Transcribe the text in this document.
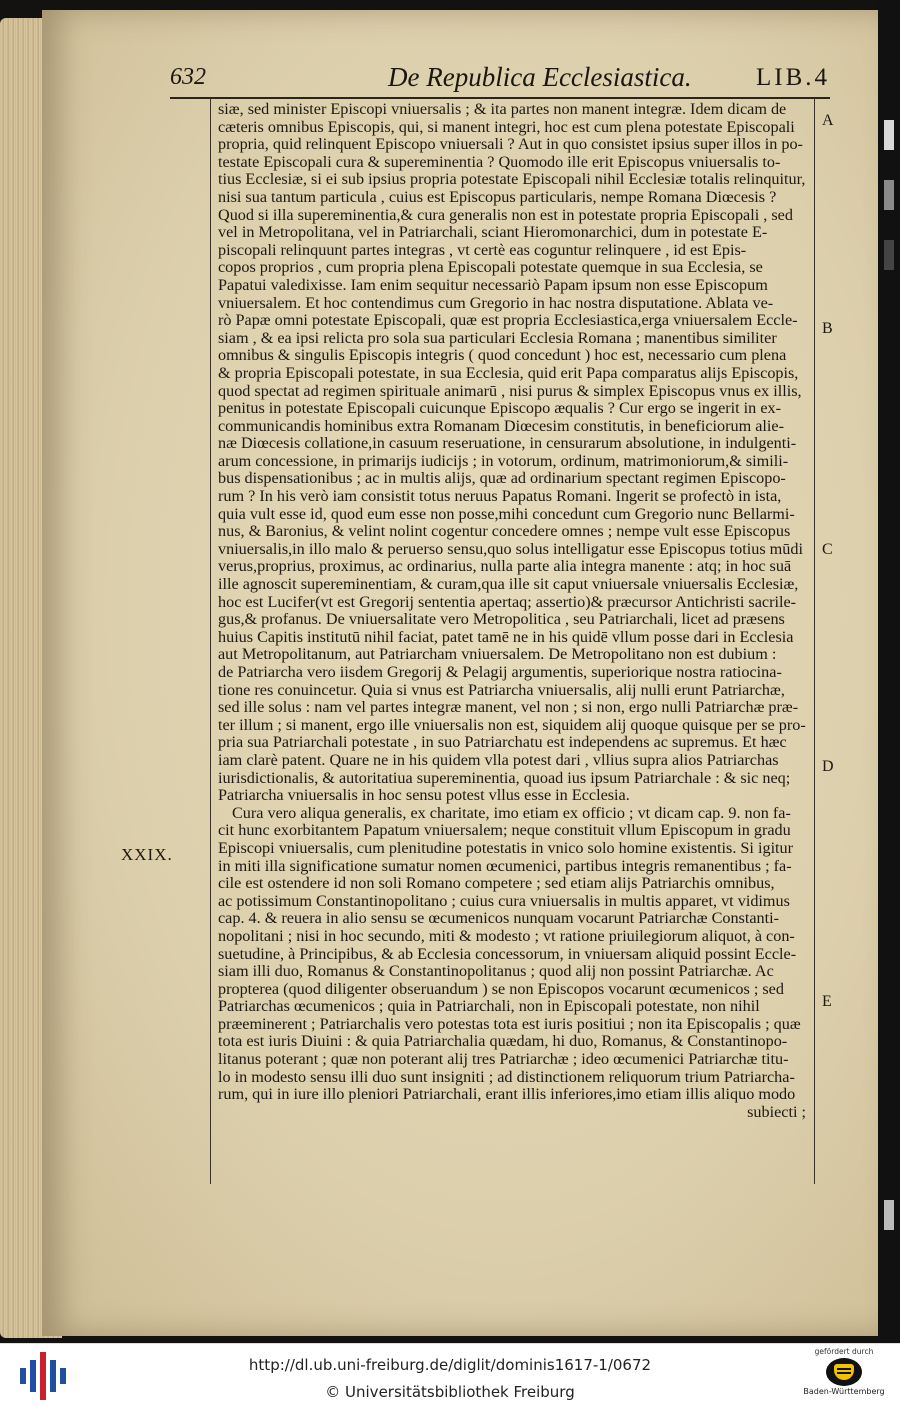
632	De Republica Ecclesiastica.	LIB.4
siæ, sed minister Episcopi vniuersalis ; & ita partes non manent integræ. Idem dicam de
cæteris omnibus Episcopis, qui, si manent integri, hoc est cum plena potestate Episcopali
propria, quid relinquent Episcopo vniuersali ? Aut in quo consistet ipsius super illos in po-
testate Episcopali cura & supereminentia ? Quomodo ille erit Episcopus vniuersalis to-
tius Ecclesiæ, si ei sub ipsius propria potestate Episcopali nihil Ecclesiæ totalis relinquitur,
nisi sua tantum particula , cuius est Episcopus particularis, nempe Romana Diœcesis ?
Quod si illa supereminentia,& cura generalis non est in potestate propria Episcopali , sed
vel in Metropolitana, vel in Patriarchali, sciant Hieromonarchici, dum in potestate E-
piscopali relinquunt partes integras , vt certè eas coguntur relinquere , id est Epis-
copos proprios , cum propria plena Episcopali potestate quemque in sua Ecclesia, se
Papatui valedixisse. Iam enim sequitur necessariò Papam ipsum non esse Episcopum
vniuersalem. Et hoc contendimus cum Gregorio in hac nostra disputatione. Ablata ve-
rò Papæ omni potestate Episcopali, quæ est propria Ecclesiastica,erga vniuersalem Eccle-
siam , & ea ipsi relicta pro sola sua particulari Ecclesia Romana ; manentibus similiter
omnibus & singulis Episcopis integris ( quod concedunt ) hoc est, necessario cum plena
& propria Episcopali potestate, in sua Ecclesia, quid erit Papa comparatus alijs Episcopis,
quod spectat ad regimen spirituale animarū , nisi purus & simplex Episcopus vnus ex illis,
penitus in potestate Episcopali cuicunque Episcopo æqualis ? Cur ergo se ingerit in ex-
communicandis hominibus extra Romanam Diœcesim constitutis, in beneficiorum alie-
næ Diœcesis collatione,in casuum reseruatione, in censurarum absolutione, in indulgenti-
arum concessione, in primarijs iudicijs ; in votorum, ordinum, matrimoniorum,& simili-
bus dispensationibus ; ac in multis alijs, quæ ad ordinarium spectant regimen Episcopo-
rum ? In his verò iam consistit totus neruus Papatus Romani. Ingerit se profectò in ista,
quia vult esse id, quod eum esse non posse,mihi concedunt cum Gregorio nunc Bellarmi-
nus, & Baronius, & velint nolint cogentur concedere omnes ; nempe vult esse Episcopus
vniuersalis,in illo malo & peruerso sensu,quo solus intelligatur esse Episcopus totius mūdi
verus,proprius, proximus, ac ordinarius, nulla parte alia integra manente : atq; in hoc suā
ille agnoscit supereminentiam, & curam,qua ille sit caput vniuersale vniuersalis Ecclesiæ,
hoc est Lucifer(vt est Gregorij sententia apertaq; assertio)& præcursor Antichristi sacrile-
gus,& profanus. De vniuersalitate vero Metropolitica , seu Patriarchali, licet ad præsens
huius Capitis institutū nihil faciat, patet tamē ne in his quidē vllum posse dari in Ecclesia
aut Metropolitanum, aut Patriarcham vniuersalem. De Metropolitano non est dubium :
de Patriarcha vero iisdem Gregorij & Pelagij argumentis, superiorique nostra ratiocina-
tione res conuincetur. Quia si vnus est Patriarcha vniuersalis, alij nulli erunt Patriarchæ,
sed ille solus : nam vel partes integræ manent, vel non ; si non, ergo nulli Patriarchæ præ-
ter illum ; si manent, ergo ille vniuersalis non est, siquidem alij quoque quisque per se pro-
pria sua Patriarchali potestate , in suo Patriarchatu est independens ac supremus. Et hæc
iam clarè patent. Quare ne in his quidem vlla potest dari , vllius supra alios Patriarchas
iurisdictionalis, & autoritatiua supereminentia, quoad ius ipsum Patriarchale : & sic neq;
Patriarcha vniuersalis in hoc sensu potest vllus esse in Ecclesia.
Cura vero aliqua generalis, ex charitate, imo etiam ex officio ; vt dicam cap. 9. non fa-
cit hunc exorbitantem Papatum vniuersalem; neque constituit vllum Episcopum in gradu
Episcopi vniuersalis, cum plenitudine potestatis in vnico solo homine existentis. Si igitur
in miti illa significatione sumatur nomen œcumenici, partibus integris remanentibus ; fa-
cile est ostendere id non soli Romano competere ; sed etiam alijs Patriarchis omnibus,
ac potissimum Constantinopolitano ; cuius cura vniuersalis in multis apparet, vt vidimus
cap. 4. & reuera in alio sensu se œcumenicos nunquam vocarunt Patriarchæ Constanti-
nopolitani ; nisi in hoc secundo, miti & modesto ; vt ratione priuilegiorum aliquot, à con-
suetudine, à Principibus, & ab Ecclesia concessorum, in vniuersam aliquid possint Eccle-
siam illi duo, Romanus & Constantinopolitanus ; quod alij non possint Patriarchæ. Ac
propterea (quod diligenter obseruandum ) se non Episcopos vocarunt œcumenicos ; sed
Patriarchas œcumenicos ; quia in Patriarchali, non in Episcopali potestate, non nihil
præeminerent ; Patriarchalis vero potestas tota est iuris positiui ; non ita Episcopalis ; quæ
tota est iuris Diuini : & quia Patriarchalia quædam, hi duo, Romanus, & Constantinopo-
litanus poterant ; quæ non poterant alij tres Patriarchæ ; ideo œcumenici Patriarchæ titu-
lo in modesto sensu illi duo sunt insigniti ; ad distinctionem reliquorum trium Patriarcha-
rum, qui in iure illo pleniori Patriarchali, erant illis inferiores,imo etiam illis aliquo modo
subiecti ;
A
B
C
D
E
XXIX.
http://dl.ub.uni-freiburg.de/diglit/dominis1617-1/0672
© Universitätsbibliothek Freiburg
gefördert durch
Baden-Württemberg
